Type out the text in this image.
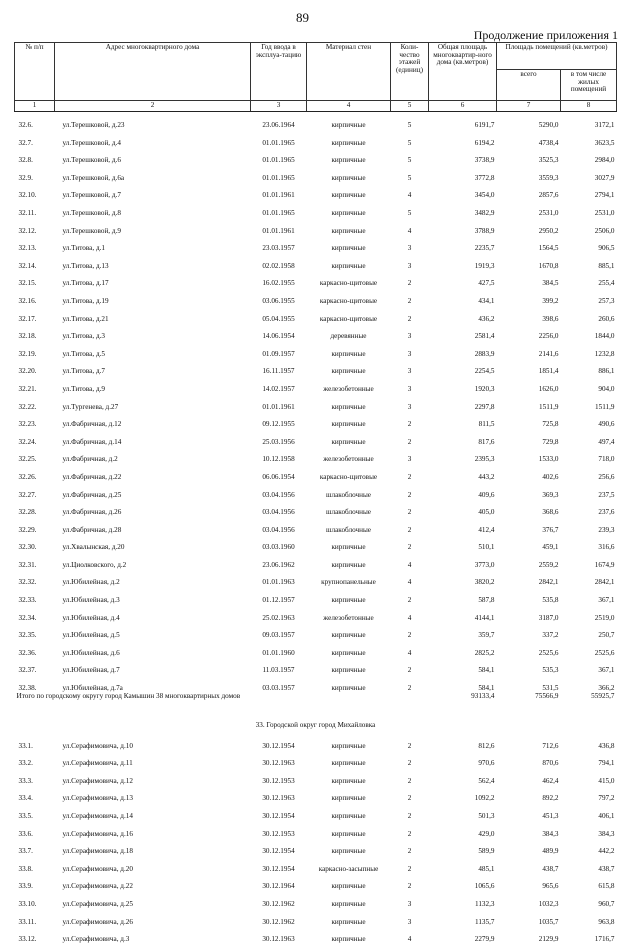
89
Продолжение приложения 1
№ п/п	Адрес многоквартирного дома	Год ввода в эксплуа-тацию	Материал стен	Коли-чество этажей (единиц)	Общая площадь многоквартир-ного дома (кв.метров)	Площадь помещений (кв.метров)	
						всего	в том числе жилых помещений
1	2	3	4	5	6	7	8
32.6.	ул.Терешковой, д.23	23.06.1964	кирпичные	5	6191,7	5290,0	3172,1
32.7.	ул.Терешковой, д.4	01.01.1965	кирпичные	5	6194,2	4738,4	3623,5
32.8.	ул.Терешковой, д.6	01.01.1965	кирпичные	5	3738,9	3525,3	2984,0
32.9.	ул.Терешковой, д.6а	01.01.1965	кирпичные	5	3772,8	3559,3	3027,9
32.10.	ул.Терешковой, д.7	01.01.1961	кирпичные	4	3454,0	2857,6	2794,1
32.11.	ул.Терешковой, д.8	01.01.1965	кирпичные	5	3482,9	2531,0	2531,0
32.12.	ул.Терешковой, д.9	01.01.1961	кирпичные	4	3788,9	2950,2	2506,0
32.13.	ул.Титова, д.1	23.03.1957	кирпичные	3	2235,7	1564,5	906,5
32.14.	ул.Титова, д.13	02.02.1958	кирпичные	3	1919,3	1670,8	885,1
32.15.	ул.Титова, д.17	16.02.1955	каркасно-щитовые	2	427,5	384,5	255,4
32.16.	ул.Титова, д.19	03.06.1955	каркасно-щитовые	2	434,1	399,2	257,3
32.17.	ул.Титова, д.21	05.04.1955	каркасно-щитовые	2	436,2	398,6	260,6
32.18.	ул.Титова, д.3	14.06.1954	деревянные	3	2581,4	2256,0	1844,0
32.19.	ул.Титова, д.5	01.09.1957	кирпичные	3	2883,9	2141,6	1232,8
32.20.	ул.Титова, д.7	16.11.1957	кирпичные	3	2254,5	1851,4	886,1
32.21.	ул.Титова, д.9	14.02.1957	железобетонные	3	1920,3	1626,0	904,0
32.22.	ул.Тургенева, д.27	01.01.1961	кирпичные	3	2297,8	1511,9	1511,9
32.23.	ул.Фабричная, д.12	09.12.1955	кирпичные	2	811,5	725,8	490,6
32.24.	ул.Фабричная, д.14	25.03.1956	кирпичные	2	817,6	729,8	497,4
32.25.	ул.Фабричная, д.2	10.12.1958	железобетонные	3	2395,3	1533,0	718,0
32.26.	ул.Фабричная, д.22	06.06.1954	каркасно-щитовые	2	443,2	402,6	256,6
32.27.	ул.Фабричная, д.25	03.04.1956	шлакоблочные	2	409,6	369,3	237,5
32.28.	ул.Фабричная, д.26	03.04.1956	шлакоблочные	2	405,0	368,6	237,6
32.29.	ул.Фабричная, д.28	03.04.1956	шлакоблочные	2	412,4	376,7	239,3
32.30.	ул.Хвалынская, д.20	03.03.1960	кирпичные	2	510,1	459,1	316,6
32.31.	ул.Циолковского, д.2	23.06.1962	кирпичные	4	3773,0	2559,2	1674,9
32.32.	ул.Юбилейная, д.2	01.01.1963	крупнопанельные	4	3820,2	2842,1	2842,1
32.33.	ул.Юбилейная, д.3	01.12.1957	кирпичные	2	587,8	535,8	367,1
32.34.	ул.Юбилейная, д.4	25.02.1963	железобетонные	4	4144,1	3187,0	2519,0
32.35.	ул.Юбилейная, д.5	09.03.1957	кирпичные	2	359,7	337,2	250,7
32.36.	ул.Юбилейная, д.6	01.01.1960	кирпичные	4	2825,2	2525,6	2525,6
32.37.	ул.Юбилейная, д.7	11.03.1957	кирпичные	2	584,1	535,3	367,1
32.38.	ул.Юбилейная, д.7а	03.03.1957	кирпичные	2	584,1	531,5	366,2
Итого по городскому округу город Камышин 38 многоквартирных домов					93133,4	75566,9	55925,7
33. Городской округ город Михайловка							
33.1.	ул.Серафимовича, д.10	30.12.1954	кирпичные	2	812,6	712,6	436,8
33.2.	ул.Серафимовича, д.11	30.12.1963	кирпичные	2	970,6	870,6	794,1
33.3.	ул.Серафимовича, д.12	30.12.1953	кирпичные	2	562,4	462,4	415,0
33.4.	ул.Серафимовича, д.13	30.12.1963	кирпичные	2	1092,2	892,2	797,2
33.5.	ул.Серафимовича, д.14	30.12.1954	кирпичные	2	501,3	451,3	406,1
33.6.	ул.Серафимовича, д.16	30.12.1953	кирпичные	2	429,0	384,3	384,3
33.7.	ул.Серафимовича, д.18	30.12.1954	кирпичные	2	589,9	489,9	442,2
33.8.	ул.Серафимовича, д.20	30.12.1954	каркасно-засыпные	2	485,1	438,7	438,7
33.9.	ул.Серафимовича, д.22	30.12.1964	кирпичные	2	1065,6	965,6	615,8
33.10.	ул.Серафимовича, д.25	30.12.1962	кирпичные	3	1132,3	1032,3	960,7
33.11.	ул.Серафимовича, д.26	30.12.1962	кирпичные	3	1135,7	1035,7	963,8
33.12.	ул.Серафимовича, д.3	30.12.1963	кирпичные	4	2279,9	2129,9	1716,7
